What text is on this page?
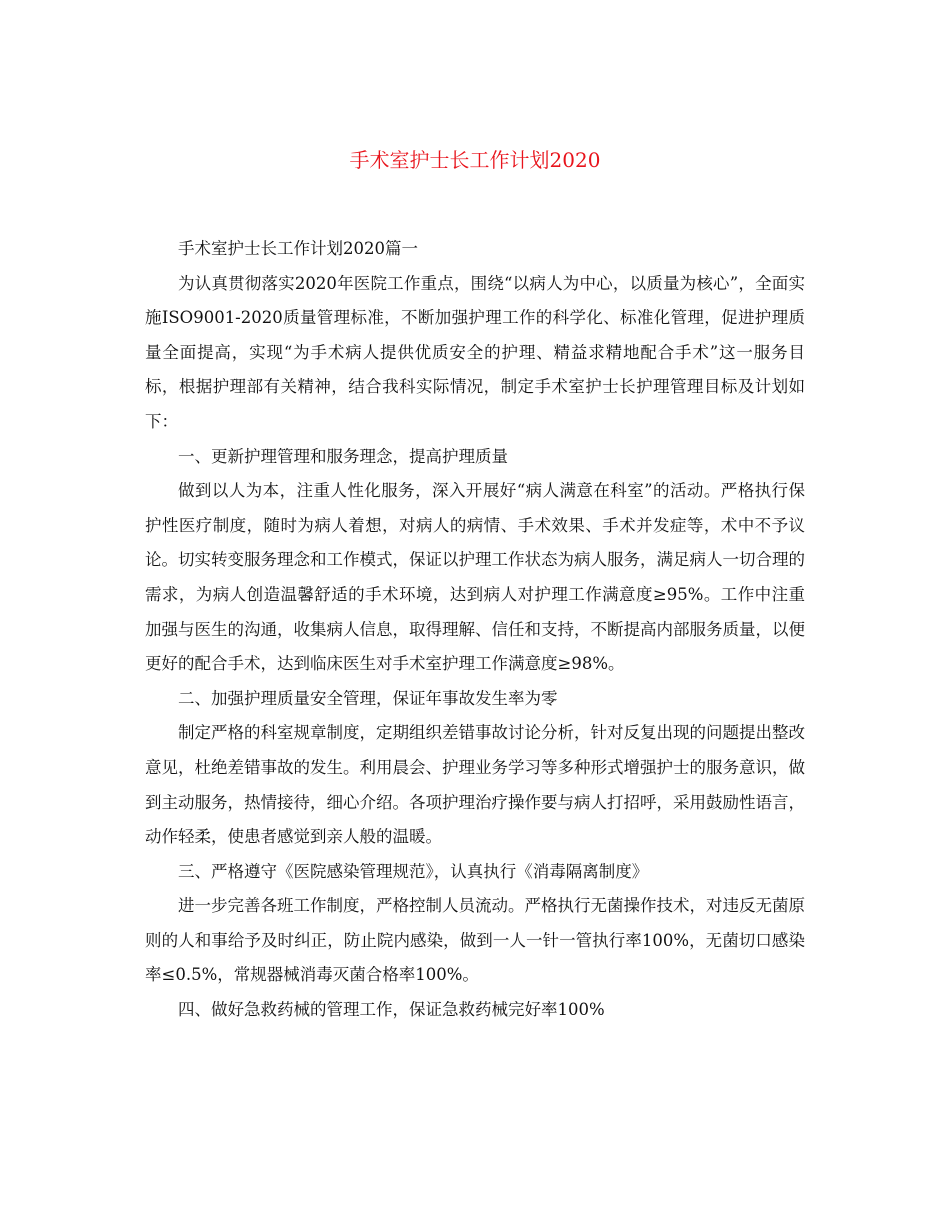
手术室护士长工作计划2020

手术室护士长工作计划2020篇一

为认真贯彻落实2020年医院工作重点，围绕“以病人为中心，以质量为核心”，全面实施ISO9001-2020质量管理标准，不断加强护理工作的科学化、标准化管理，促进护理质量全面提高，实现“为手术病人提供优质安全的护理、精益求精地配合手术”这一服务目标，根据护理部有关精神，结合我科实际情况，制定手术室护士长护理管理目标及计划如下：

一、更新护理管理和服务理念，提高护理质量

做到以人为本，注重人性化服务，深入开展好“病人满意在科室”的活动。严格执行保护性医疗制度，随时为病人着想，对病人的病情、手术效果、手术并发症等，术中不予议论。切实转变服务理念和工作模式，保证以护理工作状态为病人服务，满足病人一切合理的需求，为病人创造温馨舒适的手术环境，达到病人对护理工作满意度≥95%。工作中注重加强与医生的沟通，收集病人信息，取得理解、信任和支持，不断提高内部服务质量，以便更好的配合手术，达到临床医生对手术室护理工作满意度≥98%。

二、加强护理质量安全管理，保证年事故发生率为零

制定严格的科室规章制度，定期组织差错事故讨论分析，针对反复出现的问题提出整改意见，杜绝差错事故的发生。利用晨会、护理业务学习等多种形式增强护士的服务意识，做到主动服务，热情接待，细心介绍。各项护理治疗操作要与病人打招呼，采用鼓励性语言，动作轻柔，使患者感觉到亲人般的温暖。

三、严格遵守《医院感染管理规范》，认真执行《消毒隔离制度》

进一步完善各班工作制度，严格控制人员流动。严格执行无菌操作技术，对违反无菌原则的人和事给予及时纠正，防止院内感染，做到一人一针一管执行率100%，无菌切口感染率≤0.5%，常规器械消毒灭菌合格率100%。

四、做好急救药械的管理工作，保证急救药械完好率100%
